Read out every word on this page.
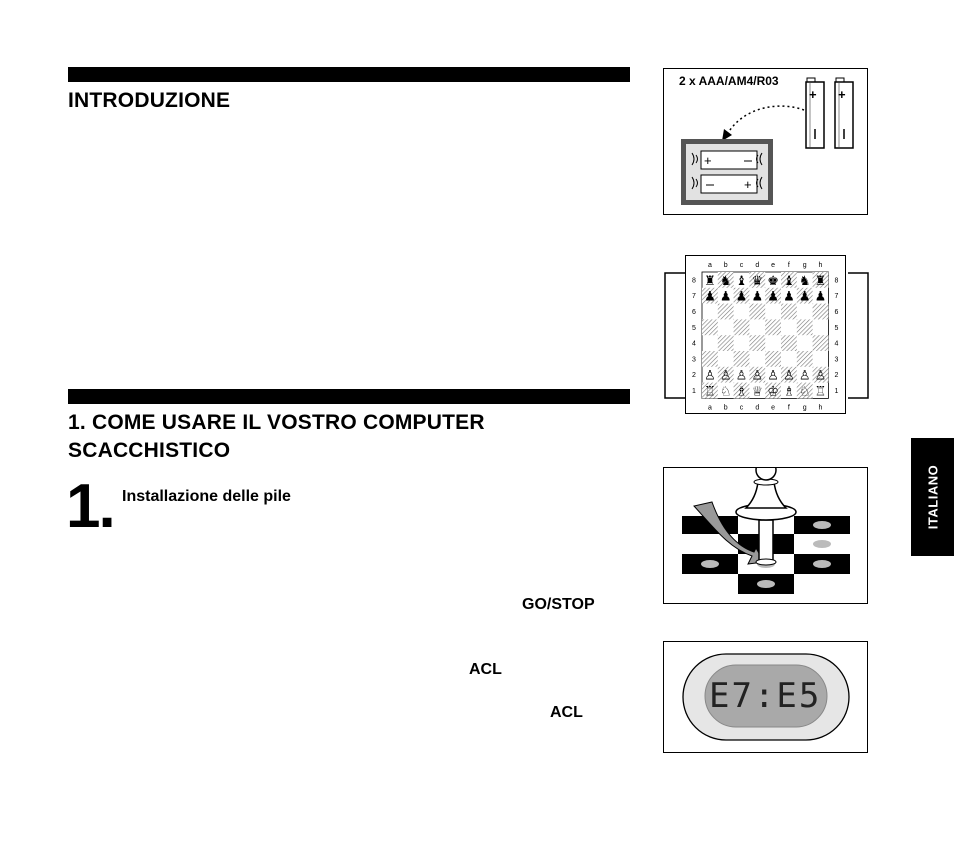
INTRODUZIONE
1. COME USARE IL VOSTRO COMPUTER
SCACCHISTICO
1. Installazione delle pile
GO/STOP
ACL
ACL
2 x AAA/AM4/R03
+ +
+
+
a
a
b
b
c
c
d
d
e
e
f
f
g
g
h
h
8	8
7	7
6	6
5	5
4	4
3	3
2	2
1	1
♜
♟
♙
♖
♞
♟
♙
♘
♝
♟
♙
♗
♛
♟
♙
♕
♚
♟
♙
♔
♝
♟
♙
♗
♞
♟
♙
♘
♜
♟
♙
♖
E7:E5
ITALIANO
